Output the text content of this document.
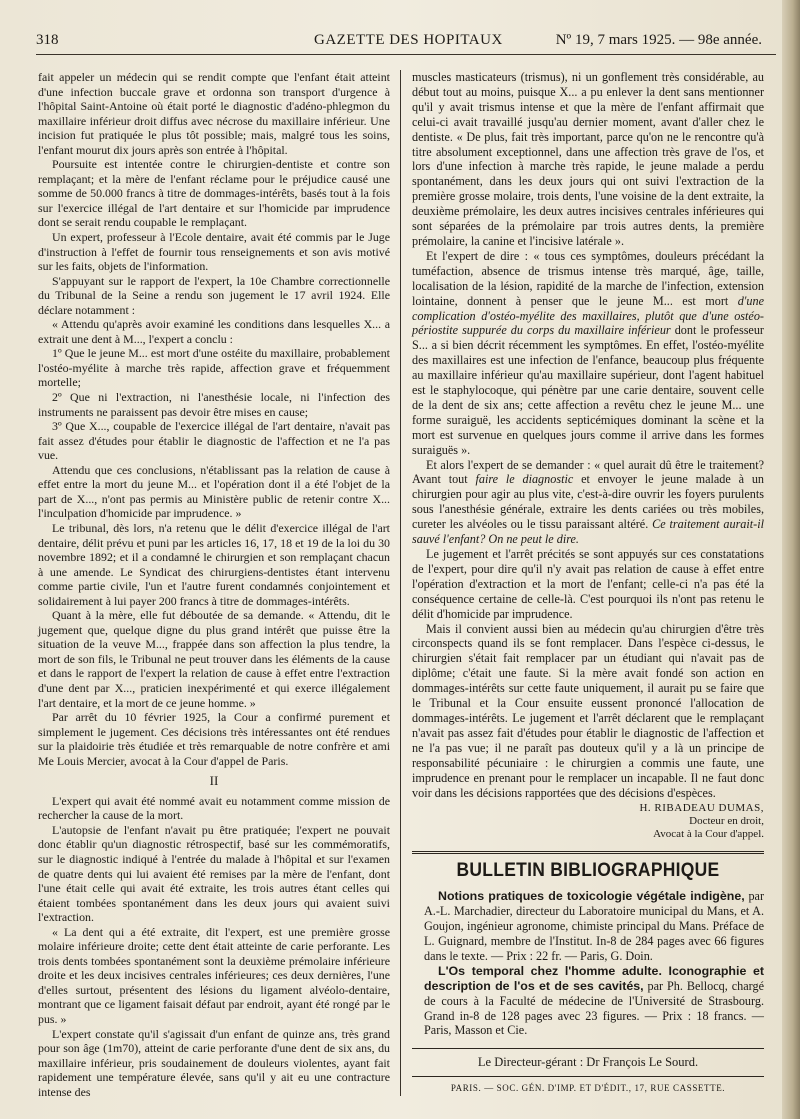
318	GAZETTE DES HOPITAUX	Nº 19, 7 mars 1925. — 98e année.

fait appeler un médecin qui se rendit compte que l'enfant était atteint d'une infection buccale grave et ordonna son transport d'urgence à l'hôpital Saint-Antoine où était porté le diagnostic d'adéno-phlegmon du maxillaire inférieur droit diffus avec nécrose du maxillaire inférieur. Une incision fut pratiquée le plus tôt possible; mais, malgré tous les soins, l'enfant mourut dix jours après son entrée à l'hôpital.

Poursuite est intentée contre le chirurgien-dentiste et contre son remplaçant; et la mère de l'enfant réclame pour le préjudice causé une somme de 50.000 francs à titre de dommages-intérêts, basés tout à la fois sur l'exercice illégal de l'art dentaire et sur l'homicide par imprudence dont se serait rendu coupable le remplaçant.

Un expert, professeur à l'Ecole dentaire, avait été commis par le Juge d'instruction à l'effet de fournir tous renseignements et son avis motivé sur les faits, objets de l'information.

S'appuyant sur le rapport de l'expert, la 10e Chambre correctionnelle du Tribunal de la Seine a rendu son jugement le 17 avril 1924. Elle déclare notamment :

« Attendu qu'après avoir examiné les conditions dans lesquelles X... a extrait une dent à M..., l'expert a conclu :

1º Que le jeune M... est mort d'une ostéite du maxillaire, probablement l'ostéo-myélite à marche très rapide, affection grave et fréquemment mortelle;

2º Que ni l'extraction, ni l'anesthésie locale, ni l'infection des instruments ne paraissent pas devoir être mises en cause;

3º Que X..., coupable de l'exercice illégal de l'art dentaire, n'avait pas fait assez d'études pour établir le diagnostic de l'affection et ne l'a pas vue.

Attendu que ces conclusions, n'établissant pas la relation de cause à effet entre la mort du jeune M... et l'opération dont il a été l'objet de la part de X..., n'ont pas permis au Ministère public de retenir contre X... l'inculpation d'homicide par imprudence. »

Le tribunal, dès lors, n'a retenu que le délit d'exercice illégal de l'art dentaire, délit prévu et puni par les articles 16, 17, 18 et 19 de la loi du 30 novembre 1892; et il a condamné le chirurgien et son remplaçant chacun à une amende. Le Syndicat des chirurgiens-dentistes étant intervenu comme partie civile, l'un et l'autre furent condamnés conjointement et solidairement à lui payer 200 francs à titre de dommages-intérêts.

Quant à la mère, elle fut déboutée de sa demande. « Attendu, dit le jugement que, quelque digne du plus grand intérêt que puisse être la situation de la veuve M..., frappée dans son affection la plus tendre, la mort de son fils, le Tribunal ne peut trouver dans les éléments de la cause et dans le rapport de l'expert la relation de cause à effet entre l'extraction d'une dent par X..., praticien inexpérimenté et qui exerce illégalement l'art dentaire, et la mort de ce jeune homme. »

Par arrêt du 10 février 1925, la Cour a confirmé purement et simplement le jugement. Ces décisions très intéressantes ont été rendues sur la plaidoirie très étudiée et très remarquable de notre confrère et ami Me Louis Mercier, avocat à la Cour d'appel de Paris.

II

L'expert qui avait été nommé avait eu notamment comme mission de rechercher la cause de la mort.

L'autopsie de l'enfant n'avait pu être pratiquée; l'expert ne pouvait donc établir qu'un diagnostic rétrospectif, basé sur les commémoratifs, sur le diagnostic indiqué à l'entrée du malade à l'hôpital et sur l'examen de quatre dents qui lui avaient été remises par la mère de l'enfant, dont l'une était celle qui avait été extraite, les trois autres étant celles qui étaient tombées spontanément dans les deux jours qui avaient suivi l'extraction.

« La dent qui a été extraite, dit l'expert, est une première grosse molaire inférieure droite; cette dent était atteinte de carie perforante. Les trois dents tombées spontanément sont la deuxième prémolaire inférieure droite et les deux incisives centrales inférieures; ces deux dernières, l'une d'elles surtout, présentent des lésions du ligament alvéolo-dentaire, montrant que ce ligament faisait défaut par endroit, ayant été rongé par le pus. »

L'expert constate qu'il s'agissait d'un enfant de quinze ans, très grand pour son âge (1m70), atteint de carie perforante d'une dent de six ans, du maxillaire inférieur, pris soudainement de douleurs violentes, ayant fait rapidement une température élevée, sans qu'il y ait eu une contracture intense des

muscles masticateurs (trismus), ni un gonflement très considérable, au début tout au moins, puisque X... a pu enlever la dent sans mentionner qu'il y avait trismus intense et que la mère de l'enfant affirmait que celui-ci avait travaillé jusqu'au dernier moment, avant d'aller chez le dentiste. « De plus, fait très important, parce qu'on ne le rencontre qu'à titre absolument exceptionnel, dans une affection très grave de l'os, et lors d'une infection à marche très rapide, le jeune malade a perdu spontanément, dans les deux jours qui ont suivi l'extraction de la première grosse molaire, trois dents, l'une voisine de la dent extraite, la deuxième prémolaire, les deux autres incisives centrales inférieures qui sont séparées de la prémolaire par trois autres dents, la première prémolaire, la canine et l'incisive latérale ».

Et l'expert de dire : « tous ces symptômes, douleurs précédant la tuméfaction, absence de trismus intense très marqué, âge, taille, localisation de la lésion, rapidité de la marche de l'infection, extension lointaine, donnent à penser que le jeune M... est mort d'une complication d'ostéo-myélite des maxillaires, plutôt que d'une ostéo-périostite suppurée du corps du maxillaire inférieur dont le professeur S... a si bien décrit récemment les symptômes. En effet, l'ostéo-myélite des maxillaires est une infection de l'enfance, beaucoup plus fréquente au maxillaire inférieur qu'au maxillaire supérieur, dont l'agent habituel est le staphylocoque, qui pénètre par une carie dentaire, souvent celle de la dent de six ans; cette affection a revêtu chez le jeune M... une forme suraiguë, les accidents septicémiques dominant la scène et la mort est survenue en quelques jours comme il arrive dans les formes suraiguës ».

Et alors l'expert de se demander : « quel aurait dû être le traitement? Avant tout faire le diagnostic et envoyer le jeune malade à un chirurgien pour agir au plus vite, c'est-à-dire ouvrir les foyers purulents sous l'anesthésie générale, extraire les dents cariées ou très mobiles, cureter les alvéoles ou le tissu paraissant altéré. Ce traitement aurait-il sauvé l'enfant? On ne peut le dire.

Le jugement et l'arrêt précités se sont appuyés sur ces constatations de l'expert, pour dire qu'il n'y avait pas relation de cause à effet entre l'opération d'extraction et la mort de l'enfant; celle-ci n'a pas été la conséquence certaine de celle-là. C'est pourquoi ils n'ont pas retenu le délit d'homicide par imprudence.

Mais il convient aussi bien au médecin qu'au chirurgien d'être très circonspects quand ils se font remplacer. Dans l'espèce ci-dessus, le chirurgien s'était fait remplacer par un étudiant qui n'avait pas de diplôme; c'était une faute. Si la mère avait fondé son action en dommages-intérêts sur cette faute uniquement, il aurait pu se faire que le Tribunal et la Cour ensuite eussent prononcé l'allocation de dommages-intérêts. Le jugement et l'arrêt déclarent que le remplaçant n'avait pas assez fait d'études pour établir le diagnostic de l'affection et ne l'a pas vue; il ne paraît pas douteux qu'il y a là un principe de responsabilité pécuniaire : le chirurgien a commis une faute, une imprudence en prenant pour le remplacer un incapable. Il ne faut donc voir dans les décisions rapportées que des décisions d'espèces.

H. RIBADEAU DUMAS,
Docteur en droit,
Avocat à la Cour d'appel.
BULLETIN BIBLIOGRAPHIQUE

Notions pratiques de toxicologie végétale indigène, par A.-L. Marchadier, directeur du Laboratoire municipal du Mans, et A. Goujon, ingénieur agronome, chimiste principal du Mans. Préface de L. Guignard, membre de l'Institut. In-8 de 284 pages avec 66 figures dans le texte. — Prix : 22 fr. — Paris, G. Doin.

L'Os temporal chez l'homme adulte. Iconographie et description de l'os et de ses cavités, par Ph. Bellocq, chargé de cours à la Faculté de médecine de l'Université de Strasbourg. Grand in-8 de 128 pages avec 23 figures. — Prix : 18 francs. — Paris, Masson et Cie.

Le Directeur-gérant : Dr François Le Sourd.
PARIS. — SOC. GÉN. D'IMP. ET D'ÉDIT., 17, RUE CASSETTE.
